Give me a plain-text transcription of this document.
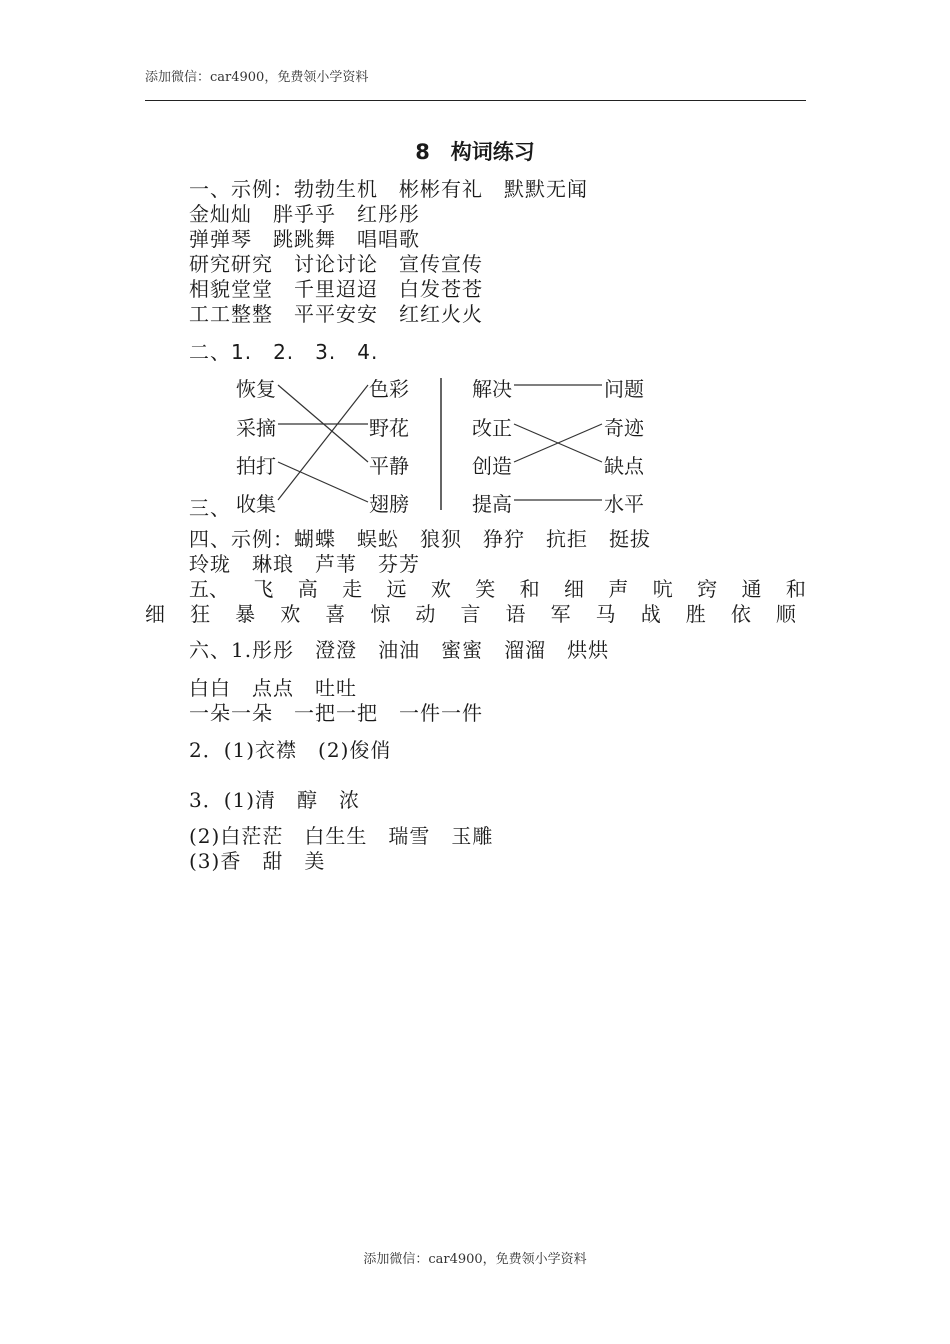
添加微信：car4900，免费领小学资料
8　构词练习
一、示例：勃勃生机　彬彬有礼　默默无闻
金灿灿　胖乎乎　红彤彤
弹弹琴　跳跳舞　唱唱歌
研究研究　讨论讨论　宣传宣传
相貌堂堂　千里迢迢　白发苍苍
工工整整　平平安安　红红火火
二、1.　2.　3.　4.
三、
恢复
采摘
拍打
收集
色彩
野花
平静
翅膀
解决
改正
创造
提高
问题
奇迹
缺点
水平
四、示例：蝴蝶　蜈蚣　狼狈　狰狞　抗拒　挺拔
玲珑　琳琅　芦苇　芬芳
五、 飞 高 走 远 欢 笑 和 细 声 吭 窍 通 和
细 狂 暴 欢 喜 惊 动 言 语 军 马 战 胜 依 顺
六、1.彤彤　澄澄　油油　蜜蜜　溜溜　烘烘
白白　点点　吐吐
一朵一朵　一把一把　一件一件
2．(1)衣襟　(2)俊俏
3．(1)清　醇　浓
(2)白茫茫　白生生　瑞雪　玉雕
(3)香　甜　美
添加微信：car4900，免费领小学资料
